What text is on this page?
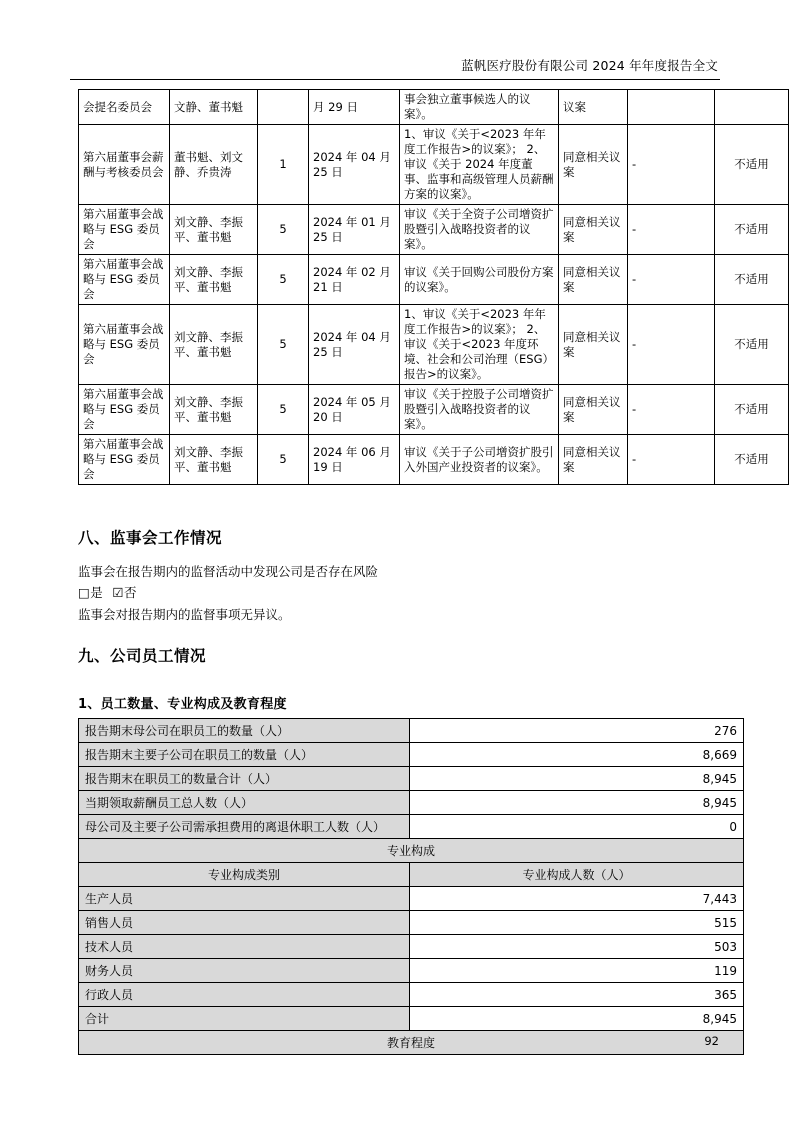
蓝帆医疗股份有限公司 2024 年年度报告全文
会提名委员会	文静、董书魁		月 29 日	事会独立董事候选人的议案》。	议案		
第六届董事会薪酬与考核委员会	董书魁、刘文静、乔贵涛	1	2024 年 04 月 25 日	1、审议《关于<2023 年年度工作报告>的议案》； 2、审议《关于 2024 年度董事、监事和高级管理人员薪酬方案的议案》。	同意相关议案	-	不适用
第六届董事会战略与 ESG 委员会	刘文静、李振平、董书魁	5	2024 年 01 月 25 日	审议《关于全资子公司增资扩股暨引入战略投资者的议案》。	同意相关议案	-	不适用
第六届董事会战略与 ESG 委员会	刘文静、李振平、董书魁	5	2024 年 02 月 21 日	审议《关于回购公司股份方案的议案》。	同意相关议案	-	不适用
第六届董事会战略与 ESG 委员会	刘文静、李振平、董书魁	5	2024 年 04 月 25 日	1、审议《关于<2023 年年度工作报告>的议案》； 2、审议《关于<2023 年度环境、社会和公司治理（ESG）报告>的议案》。	同意相关议案	-	不适用
第六届董事会战略与 ESG 委员会	刘文静、李振平、董书魁	5	2024 年 05 月 20 日	审议《关于控股子公司增资扩股暨引入战略投资者的议案》。	同意相关议案	-	不适用
第六届董事会战略与 ESG 委员会	刘文静、李振平、董书魁	5	2024 年 06 月 19 日	审议《关于子公司增资扩股引入外国产业投资者的议案》。	同意相关议案	-	不适用
八、监事会工作情况
监事会在报告期内的监督活动中发现公司是否存在风险
□是 ☑否
监事会对报告期内的监督事项无异议。
九、公司员工情况
1、员工数量、专业构成及教育程度
报告期末母公司在职员工的数量（人）	276
报告期末主要子公司在职员工的数量（人）	8,669
报告期末在职员工的数量合计（人）	8,945
当期领取薪酬员工总人数（人）	8,945
母公司及主要子公司需承担费用的离退休职工人数（人）	0
专业构成	
专业构成类别	专业构成人数（人）
生产人员	7,443
销售人员	515
技术人员	503
财务人员	119
行政人员	365
合计	8,945
教育程度		92
